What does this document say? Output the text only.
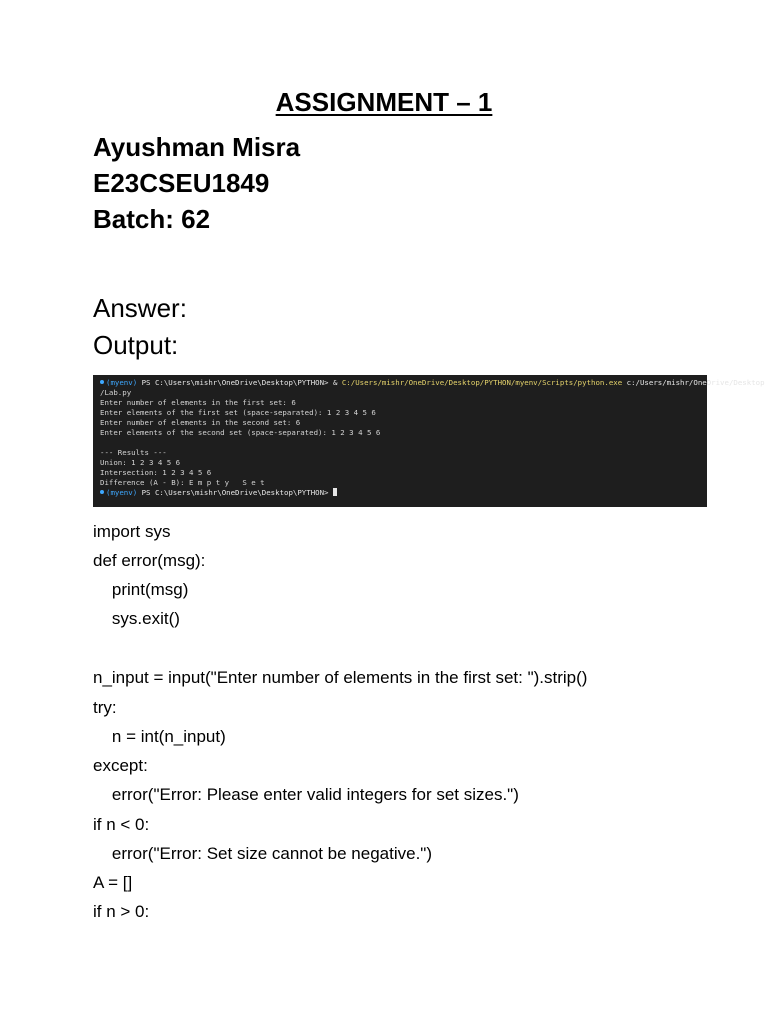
ASSIGNMENT – 1
Ayushman Misra
E23CSEU1849
Batch: 62
Answer:
Output:
(myenv) PS C:\Users\mishr\OneDrive\Desktop\PYTHON> & C:/Users/mishr/OneDrive/Desktop/PYTHON/myenv/Scripts/python.exe c:/Users/mishr/OneDrive/Desktop
/Lab.py
Enter number of elements in the first set: 6
Enter elements of the first set (space-separated): 1 2 3 4 5 6
Enter number of elements in the second set: 6
Enter elements of the second set (space-separated): 1 2 3 4 5 6
--- Results ---
Union: 1 2 3 4 5 6
Intersection: 1 2 3 4 5 6
Difference (A - B): E m p t y   S e t
(myenv) PS C:\Users\mishr\OneDrive\Desktop\PYTHON>
import sys
def error(msg):
print(msg)
sys.exit()
n_input = input("Enter number of elements in the first set: ").strip()
try:
n = int(n_input)
except:
error("Error: Please enter valid integers for set sizes.")
if n < 0:
error("Error: Set size cannot be negative.")
A = []
if n > 0:
